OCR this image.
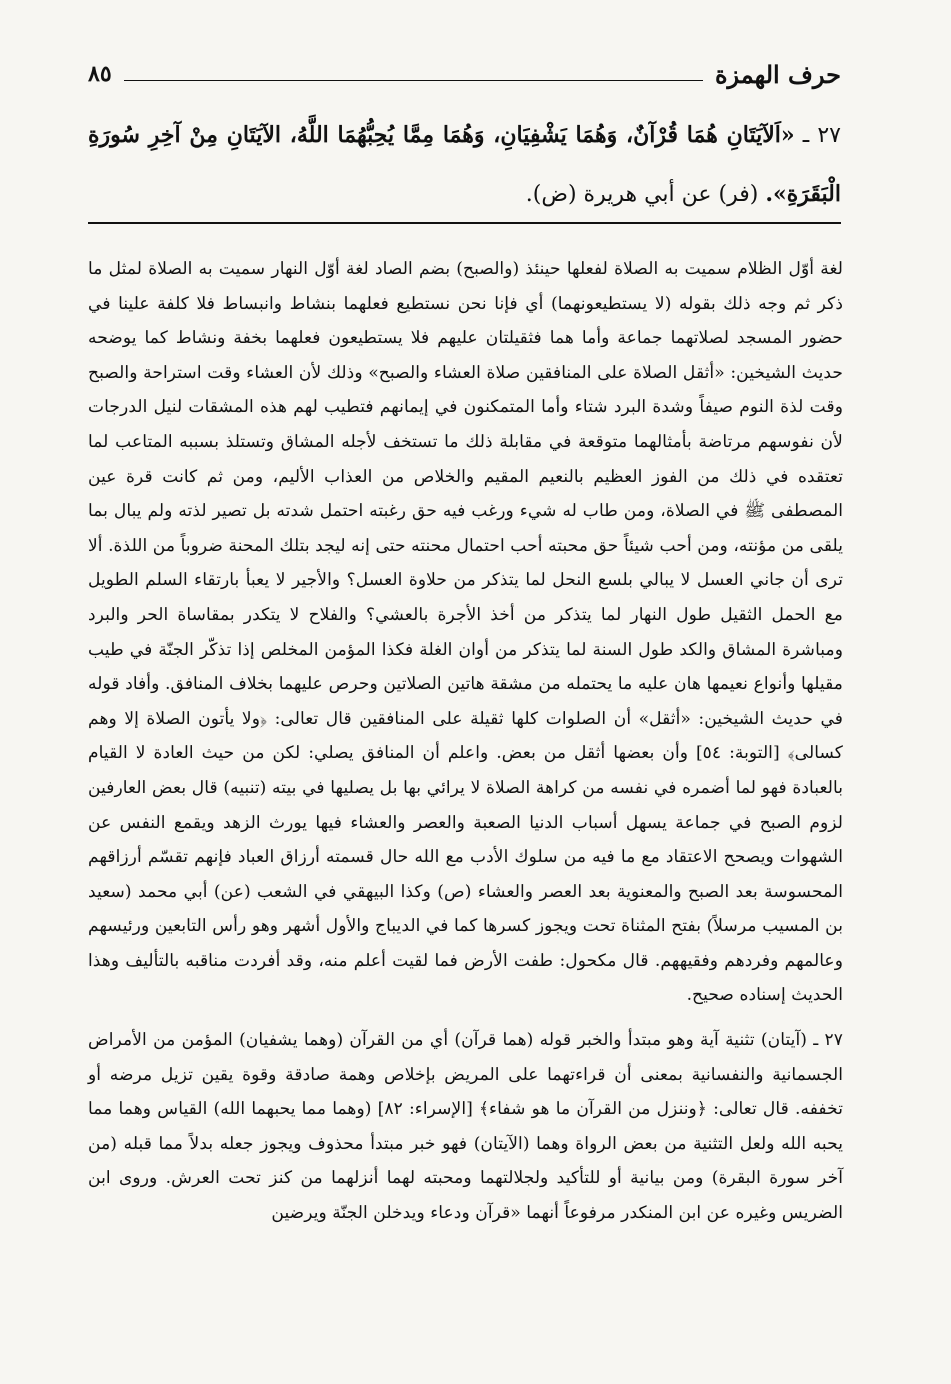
حرف الهمزة
٨٥
٢٧ ـ «اَلآيَتَانِ هُمَا قُرْآنٌ، وَهُمَا يَشْفِيَانِ، وَهُمَا مِمَّا يُحِبُّهُمَا اللَّهُ، الآيَتَانِ مِنْ آخِرِ سُورَةِ الْبَقَرَةِ». (فر) عن أبي هريرة (ض).

لغة أوّل الظلام سميت به الصلاة لفعلها حينئذ (والصبح) بضم الصاد لغة أوّل النهار سميت به الصلاة لمثل ما ذكر ثم وجه ذلك بقوله (لا يستطيعونهما) أي فإنا نحن نستطيع فعلهما بنشاط وانبساط فلا كلفة علينا في حضور المسجد لصلاتهما جماعة وأما هما فثقيلتان عليهم فلا يستطيعون فعلهما بخفة ونشاط كما يوضحه حديث الشيخين: «أثقل الصلاة على المنافقين صلاة العشاء والصبح» وذلك لأن العشاء وقت استراحة والصبح وقت لذة النوم صيفاً وشدة البرد شتاء وأما المتمكنون في إيمانهم فتطيب لهم هذه المشقات لنيل الدرجات لأن نفوسهم مرتاضة بأمثالهما متوقعة في مقابلة ذلك ما تستخف لأجله المشاق وتستلذ بسببه المتاعب لما تعتقده في ذلك من الفوز العظيم بالنعيم المقيم والخلاص من العذاب الأليم، ومن ثم كانت قرة عين المصطفى ﷺ في الصلاة، ومن طاب له شيء ورغب فيه حق رغبته احتمل شدته بل تصير لذته ولم يبال بما يلقى من مؤنته، ومن أحب شيئاً حق محبته أحب احتمال محنته حتى إنه ليجد بتلك المحنة ضروباً من اللذة. ألا ترى أن جاني العسل لا يبالي بلسع النحل لما يتذكر من حلاوة العسل؟ والأجير لا يعبأ بارتقاء السلم الطويل مع الحمل الثقيل طول النهار لما يتذكر من أخذ الأجرة بالعشي؟ والفلاح لا يتكدر بمقاساة الحر والبرد ومباشرة المشاق والكد طول السنة لما يتذكر من أوان الغلة فكذا المؤمن المخلص إذا تذكّر الجنّة في طيب مقيلها وأنواع نعيمها هان عليه ما يحتمله من مشقة هاتين الصلاتين وحرص عليهما بخلاف المنافق. وأفاد قوله في حديث الشيخين: «أثقل» أن الصلوات كلها ثقيلة على المنافقين قال تعالى: ﴿ولا يأتون الصلاة إلا وهم كسالى﴾ [التوبة: ٥٤] وأن بعضها أثقل من بعض. واعلم أن المنافق يصلي: لكن من حيث العادة لا القيام بالعبادة فهو لما أضمره في نفسه من كراهة الصلاة لا يرائي بها بل يصليها في بيته (تنبيه) قال بعض العارفين لزوم الصبح في جماعة يسهل أسباب الدنيا الصعبة والعصر والعشاء فيها يورث الزهد ويقمع النفس عن الشهوات ويصحح الاعتقاد مع ما فيه من سلوك الأدب مع الله حال قسمته أرزاق العباد فإنهم تقسّم أرزاقهم المحسوسة بعد الصبح والمعنوية بعد العصر والعشاء (ص) وكذا البيهقي في الشعب (عن) أبي محمد (سعيد بن المسيب مرسلاً) بفتح المثناة تحت ويجوز كسرها كما في الديباج والأول أشهر وهو رأس التابعين ورئيسهم وعالمهم وفردهم وفقيههم. قال مكحول: طفت الأرض فما لقيت أعلم منه، وقد أفردت مناقبه بالتأليف وهذا الحديث إسناده صحيح.

٢٧ ـ (آيتان) تثنية آية وهو مبتدأ والخبر قوله (هما قرآن) أي من القرآن (وهما يشفيان) المؤمن من الأمراض الجسمانية والنفسانية بمعنى أن قراءتهما على المريض بإخلاص وهمة صادقة وقوة يقين تزيل مرضه أو تخففه. قال تعالى: ﴿وننزل من القرآن ما هو شفاء﴾ [الإسراء: ٨٢] (وهما مما يحبهما الله) القياس وهما مما يحبه الله ولعل التثنية من بعض الرواة وهما (الآيتان) فهو خبر مبتدأ محذوف ويجوز جعله بدلاً مما قبله (من آخر سورة البقرة) ومن بيانية أو للتأكيد ولجلالتهما ومحبته لهما أنزلهما من كنز تحت العرش. وروى ابن الضريس وغيره عن ابن المنكدر مرفوعاً أنهما «قرآن ودعاء ويدخلن الجنّة ويرضين
